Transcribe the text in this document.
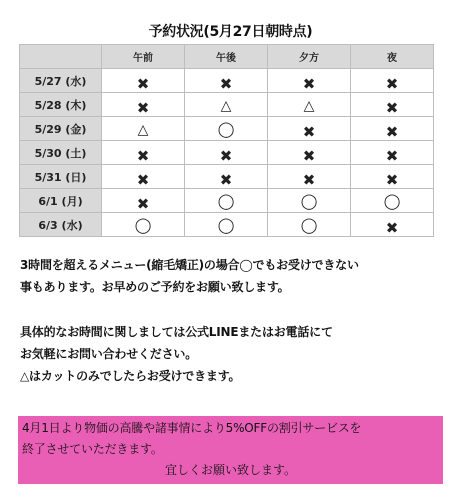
予約状況(5月27日朝時点)
	午前	午後	夕方	夜
5/27 (水)	✖	✖	✖	✖
5/28 (木)	✖	△	△	✖
5/29 (金)	△	◯	✖	✖
5/30 (土)	✖	✖	✖	✖
5/31 (日)	✖	✖	✖	✖
6/1 (月)	✖	◯	◯	◯
6/3 (水)	◯	◯	◯	✖
3時間を超えるメニュー(縮毛矯正)の場合◯でもお受けできない
事もあります。お早めのご予約をお願い致します。
具体的なお時間に関しましては公式LINEまたはお電話にて
お気軽にお問い合わせください。
△はカットのみでしたらお受けできます。
4月1日より物価の高騰や諸事情により5%OFFの割引サービスを
終了させていただきます。
宜しくお願い致します。
